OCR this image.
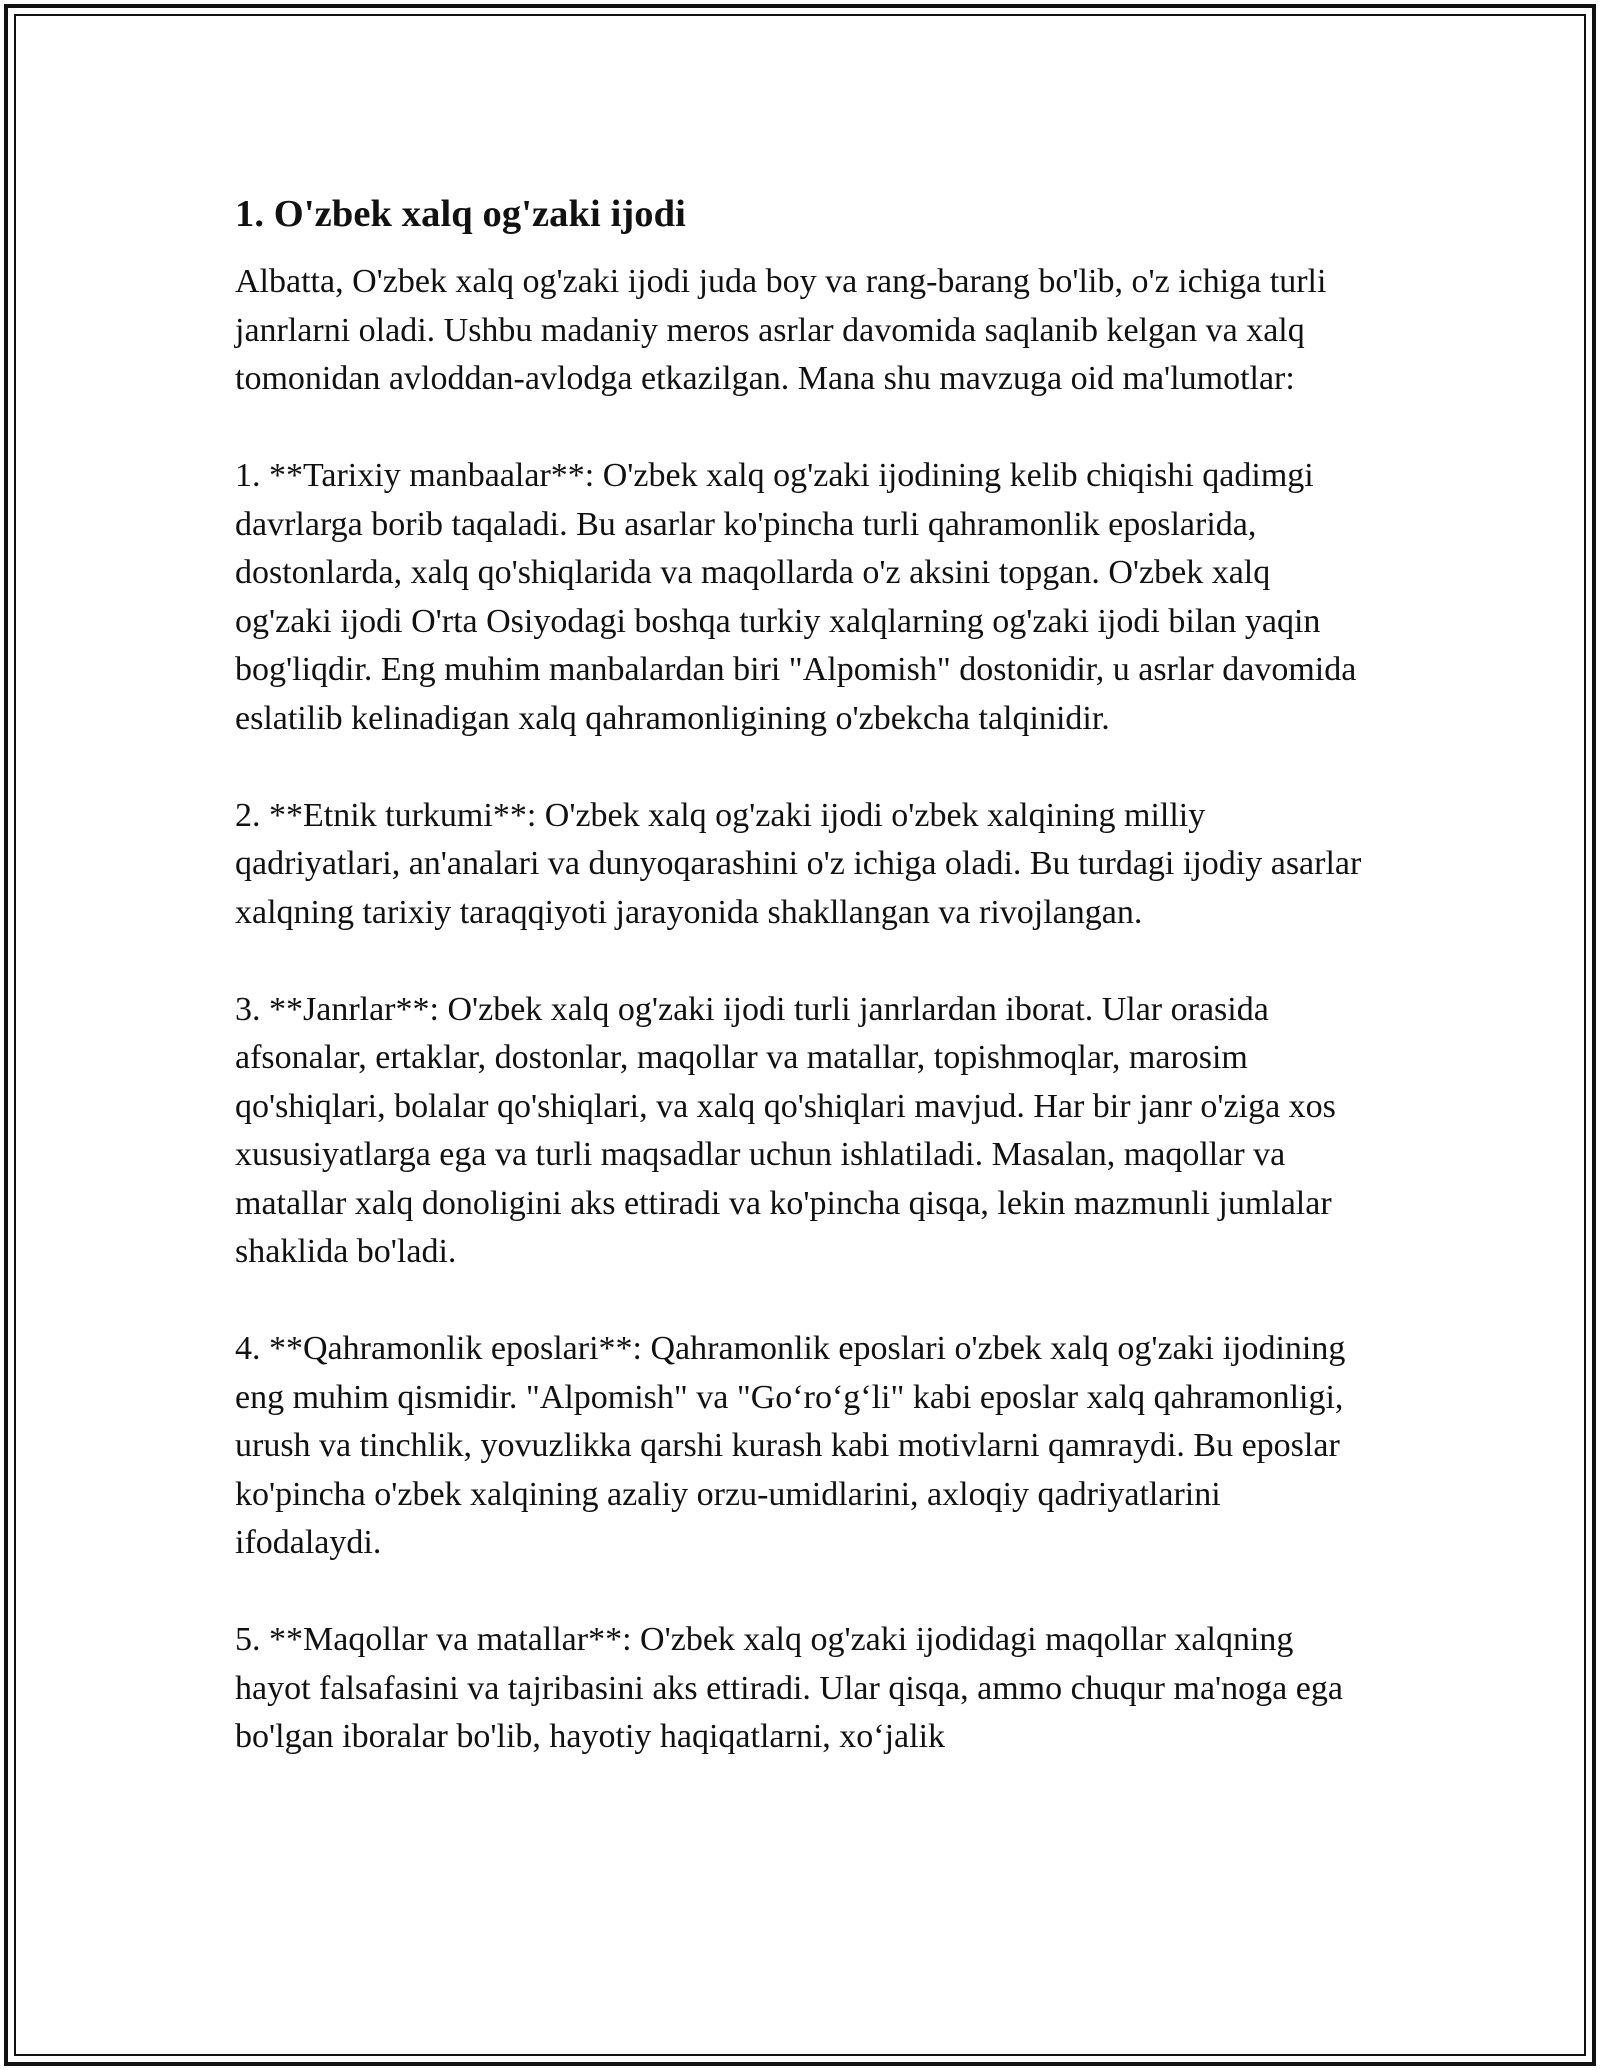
1. O'zbek xalq og'zaki ijodi

Albatta, O'zbek xalq og'zaki ijodi juda boy va rang-barang bo'lib, o'z ichiga turli janrlarni oladi. Ushbu madaniy meros asrlar davomida saqlanib kelgan va xalq tomonidan avloddan-avlodga etkazilgan. Mana shu mavzuga oid ma'lumotlar:

1. **Tarixiy manbaalar**: O'zbek xalq og'zaki ijodining kelib chiqishi qadimgi davrlarga borib taqaladi. Bu asarlar ko'pincha turli qahramonlik eposlarida, dostonlarda, xalq qo'shiqlarida va maqollarda o'z aksini topgan. O'zbek xalq og'zaki ijodi O'rta Osiyodagi boshqa turkiy xalqlarning og'zaki ijodi bilan yaqin bog'liqdir. Eng muhim manbalardan biri "Alpomish" dostonidir, u asrlar davomida eslatilib kelinadigan xalq qahramonligining o'zbekcha talqinidir.

2. **Etnik turkumi**: O'zbek xalq og'zaki ijodi o'zbek xalqining milliy qadriyatlari, an'analari va dunyoqarashini o'z ichiga oladi. Bu turdagi ijodiy asarlar xalqning tarixiy taraqqiyoti jarayonida shakllangan va rivojlangan.

3. **Janrlar**: O'zbek xalq og'zaki ijodi turli janrlardan iborat. Ular orasida afsonalar, ertaklar, dostonlar, maqollar va matallar, topishmoqlar, marosim qo'shiqlari, bolalar qo'shiqlari, va xalq qo'shiqlari mavjud. Har bir janr o'ziga xos xususiyatlarga ega va turli maqsadlar uchun ishlatiladi. Masalan, maqollar va matallar xalq donoligini aks ettiradi va ko'pincha qisqa, lekin mazmunli jumlalar shaklida bo'ladi.

4. **Qahramonlik eposlari**: Qahramonlik eposlari o'zbek xalq og'zaki ijodining eng muhim qismidir. "Alpomish" va "Go‘ro‘g‘li" kabi eposlar xalq qahramonligi, urush va tinchlik, yovuzlikka qarshi kurash kabi motivlarni qamraydi. Bu eposlar ko'pincha o'zbek xalqining azaliy orzu-umidlarini, axloqiy qadriyatlarini ifodalaydi.

5. **Maqollar va matallar**: O'zbek xalq og'zaki ijodidagi maqollar xalqning hayot falsafasini va tajribasini aks ettiradi. Ular qisqa, ammo chuqur ma'noga ega bo'lgan iboralar bo'lib, hayotiy haqiqatlarni, xo‘jalik
